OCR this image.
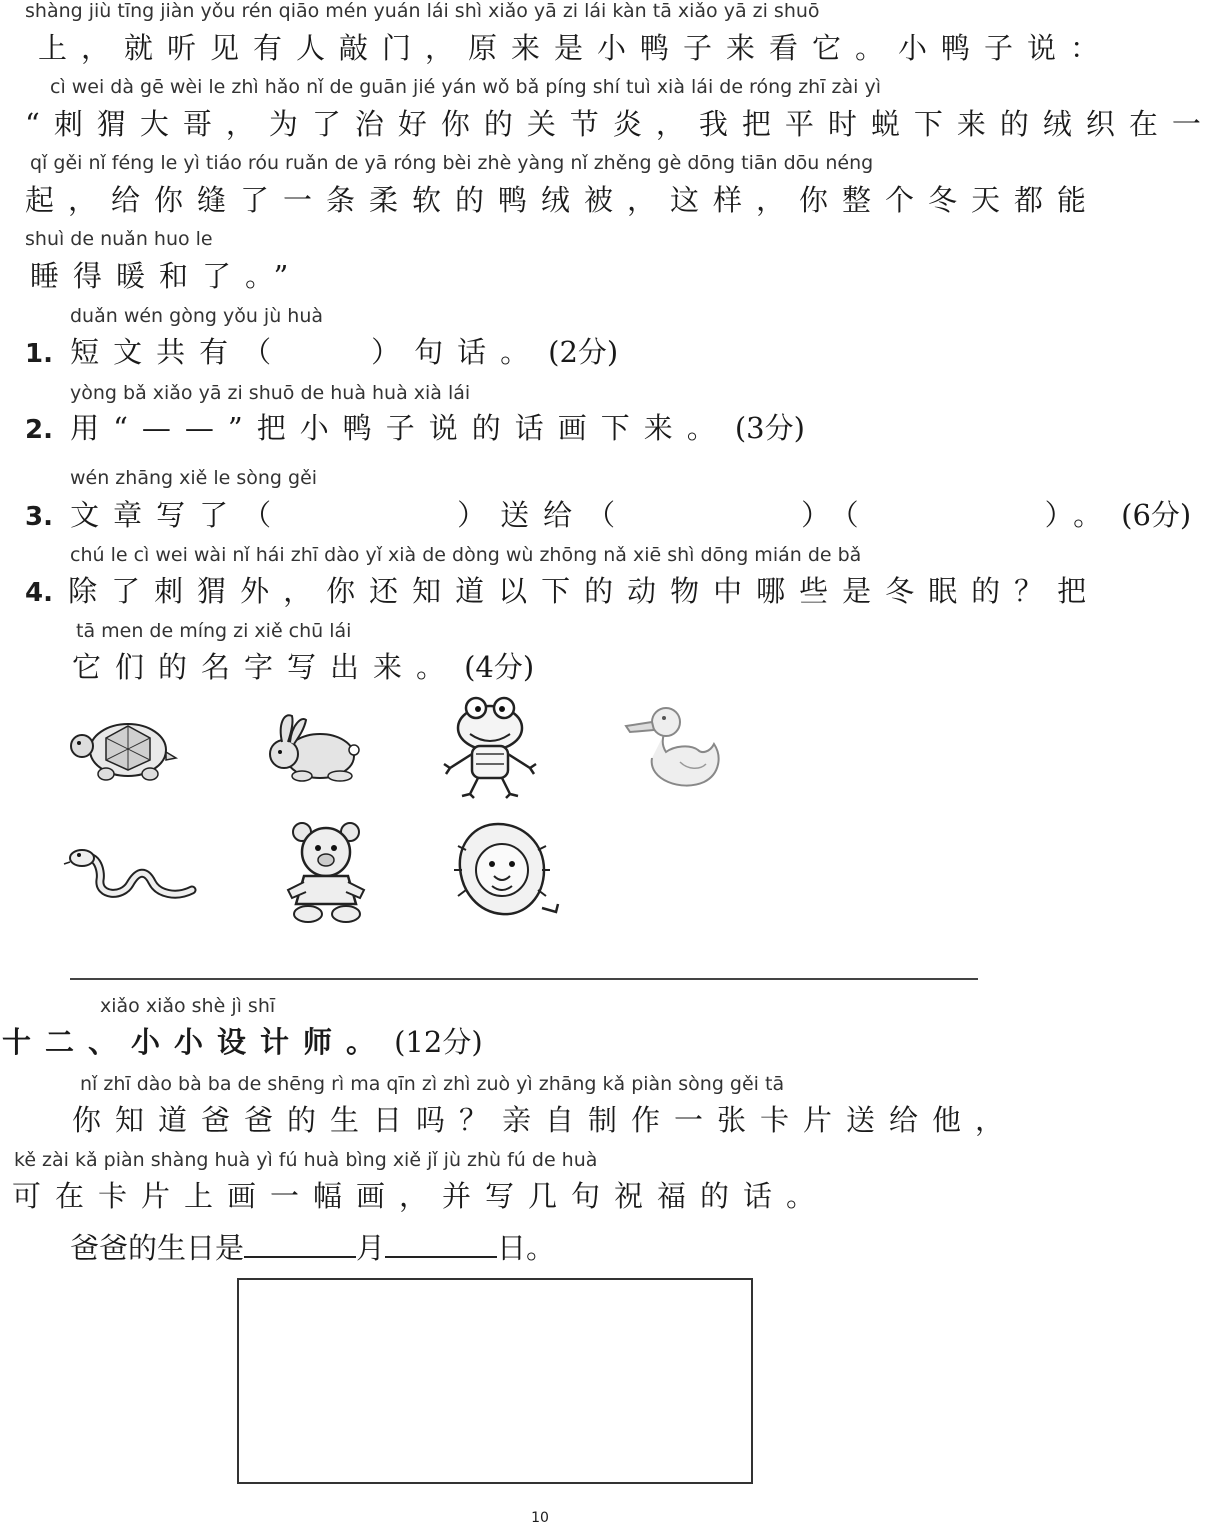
shàng jiù tīng jiàn yǒu rén qiāo mén yuán lái shì xiǎo yā zi lái kàn tā xiǎo yā zi shuō
上，就听见有人敲门，原来是小鸭子来看它。小鸭子说：
cì wei dà gē wèi le zhì hǎo nǐ de guān jié yán wǒ bǎ píng shí tuì xià lái de róng zhī zài yì
“刺猬大哥，为了治好你的关节炎，我把平时蜕下来的绒织在一
qǐ gěi nǐ féng le yì tiáo róu ruǎn de yā róng bèi zhè yàng nǐ zhěng gè dōng tiān dōu néng
起，给你缝了一条柔软的鸭绒被，这样，你整个冬天都能
shuì de nuǎn huo le
睡得暖和了。”
duǎn wén gòng yǒu jù huà
1. 短文共有（　　）句话。 (2分)
yòng bǎ xiǎo yā zi shuō de huà huà xià lái
2. 用“——”把小鸭子说的话画下来。 (3分)
wén zhāng xiě le sòng gěi
3. 文章写了（　　　　）送给（　　　　）（　　　　）。 (6分)
chú le cì wei wài nǐ hái zhī dào yǐ xià de dòng wù zhōng nǎ xiē shì dōng mián de bǎ
4. 除了刺猬外，你还知道以下的动物中哪些是冬眠的？把
tā men de míng zi xiě chū lái
它们的名字写出来。 (4分)
xiǎo xiǎo shè jì shī
十二、小小设计师。 (12分)
nǐ zhī dào bà ba de shēng rì ma qīn zì zhì zuò yì zhāng kǎ piàn sòng gěi tā
你知道爸爸的生日吗？亲自制作一张卡片送给他，
kě zài kǎ piàn shàng huà yì fú huà bìng xiě jǐ jù zhù fú de huà
可在卡片上画一幅画，并写几句祝福的话。
爸爸的生日是	月	日。
10
